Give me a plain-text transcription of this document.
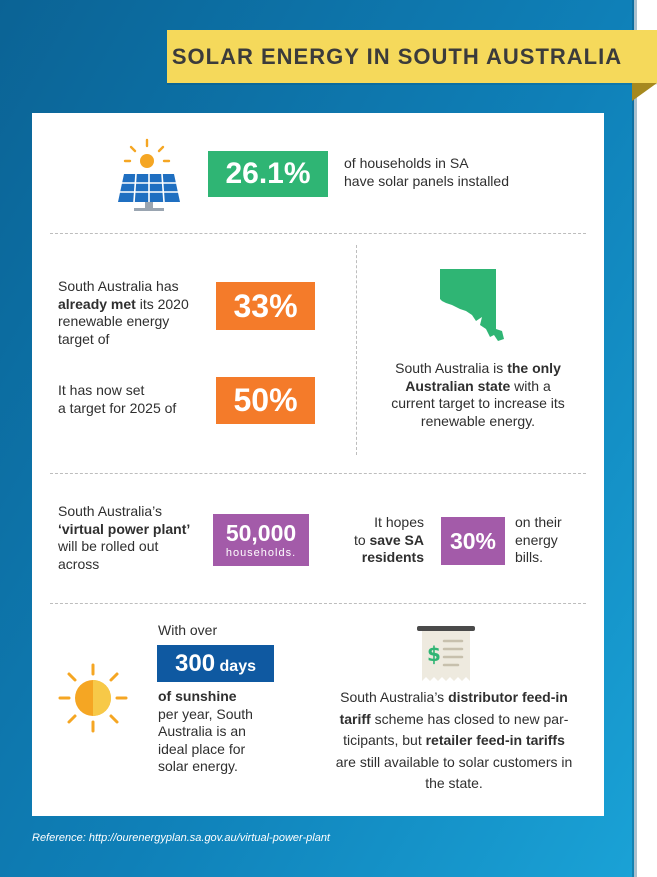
SOLAR ENERGY IN SOUTH AUSTRALIA
26.1%	of households in SA
have solar panels installed
South Australia has
already met its 2020
renewable energy
target of
33%
It has now set
a target for 2025 of	50%
South Australia is the only
Australian state with a
current target to increase its
renewable energy.
South Australia’s
‘virtual power plant’
will be rolled out
across
50,000
households.
It hopes
to save SA
residents
30%
on their
energy
bills.
With over
300 days
of sunshine
per year, South
Australia is an
ideal place for
solar energy.
$
South Australia’s distributor feed-in
tariff scheme has closed to new par-
ticipants, but retailer feed-in tariffs
are still available to solar customers in
the state.
Reference: http://ourenergyplan.sa.gov.au/virtual-power-plant
